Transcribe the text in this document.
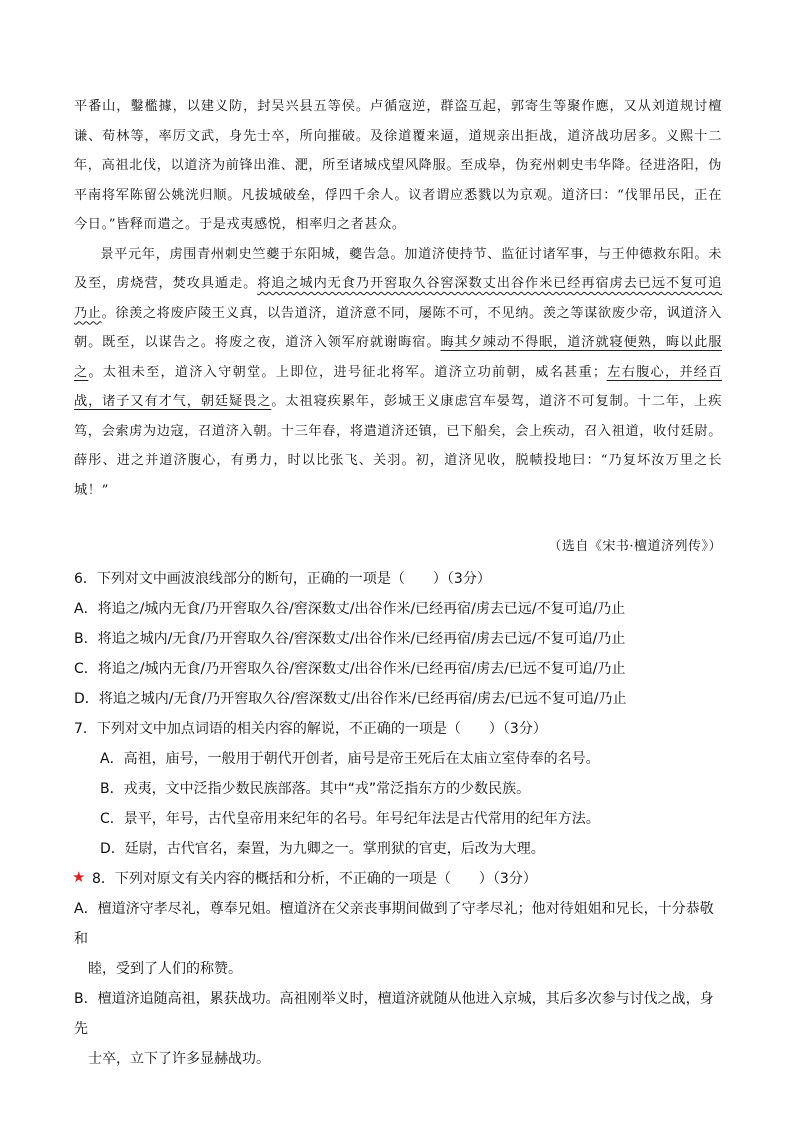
平番山，鑿檻據，以建义防，封吴兴县五等侯。卢循寇逆，群盗互起，郭寄生等聚作應，又从刘道规讨檀谦、荀林等，率厉文武，身先士卒，所向摧破。及徐道覆来逼，道规亲出拒战，道济战功居多。义熙十二年，高祖北伐，以道济为前锋出淮、淝，所至诸城戍望风降服。至成皋，伪兖州刺史韦华降。径进洛阳，伪平南将军陈留公姚洸归顺。凡拔城破垒，俘四千余人。议者谓应悉戮以为京观。道济曰：“伐罪吊民，正在今日。”皆释而遣之。于是戎夷感悦，相率归之者甚众。

景平元年，虏围青州刺史竺夔于东阳城，夔告急。加道济使持节、监征讨诸军事，与王仲德救东阳。未及至，虏烧营，焚攻具遁走。将追之城内无食乃开窖取久谷窖深数丈出谷作米已经再宿虏去已远不复可追乃止。徐羡之将废庐陵王义真，以告道济，道济意不同，屡陈不可，不见纳。羡之等谋欲废少帝，讽道济入朝。既至，以谋告之。将废之夜，道济入领军府就谢晦宿。晦其夕竦动不得眠，道济就寝便熟，晦以此服之。太祖未至，道济入守朝堂。上即位，进号征北将军。道济立功前朝，威名甚重；左右腹心，并经百战，诸子又有才气，朝廷疑畏之。太祖寝疾累年，彭城王义康虑宫车晏驾，道济不可复制。十二年，上疾笃，会索虏为边寇，召道济入朝。十三年春，将遣道济还镇，已下船矣，会上疾动，召入祖道，收付廷尉。薛彤、进之并道济腹心，有勇力，时以比张飞、关羽。初，道济见收，脱帻投地曰：“乃复坏汝万里之长城！”

（选自《宋书·檀道济列传》）

6．下列对文中画波浪线部分的断句，正确的一项是（　　）（3分）

A．将追之/城内无食/乃开窖取久谷/窖深数丈/出谷作米/已经再宿/虏去已远/不复可追/乃止

B．将追之城内/无食/乃开窖取久谷/窖深数丈/出谷作米/已经再宿/虏去已远/不复可追/乃止

C．将追之/城内无食/乃开窖取久谷/窖深数丈/出谷作米/已经再宿/虏去/已远不复可追/乃止

D．将追之城内/无食/乃开窖取久谷/窖深数丈/出谷作米/已经再宿/虏去/已远不复可追/乃止

7．下列对文中加点词语的相关内容的解说，不正确的一项是（　　）（3分）

A．高祖，庙号，一般用于朝代开创者，庙号是帝王死后在太庙立室侍奉的名号。

B．戎夷，文中泛指少数民族部落。其中“戎”常泛指东方的少数民族。

C．景平，年号，古代皇帝用来纪年的名号。年号纪年法是古代常用的纪年方法。

D．廷尉，古代官名，秦置，为九卿之一。掌刑狱的官吏，后改为大理。

★ 8．下列对原文有关内容的概括和分析，不正确的一项是（　　）（3分）

A．檀道济守孝尽礼，尊奉兄姐。檀道济在父亲丧事期间做到了守孝尽礼；他对待姐姐和兄长，十分恭敬和

睦，受到了人们的称赞。

B．檀道济追随高祖，累获战功。高祖刚举义时，檀道济就随从他进入京城，其后多次参与讨伐之战，身先

士卒，立下了许多显赫战功。
